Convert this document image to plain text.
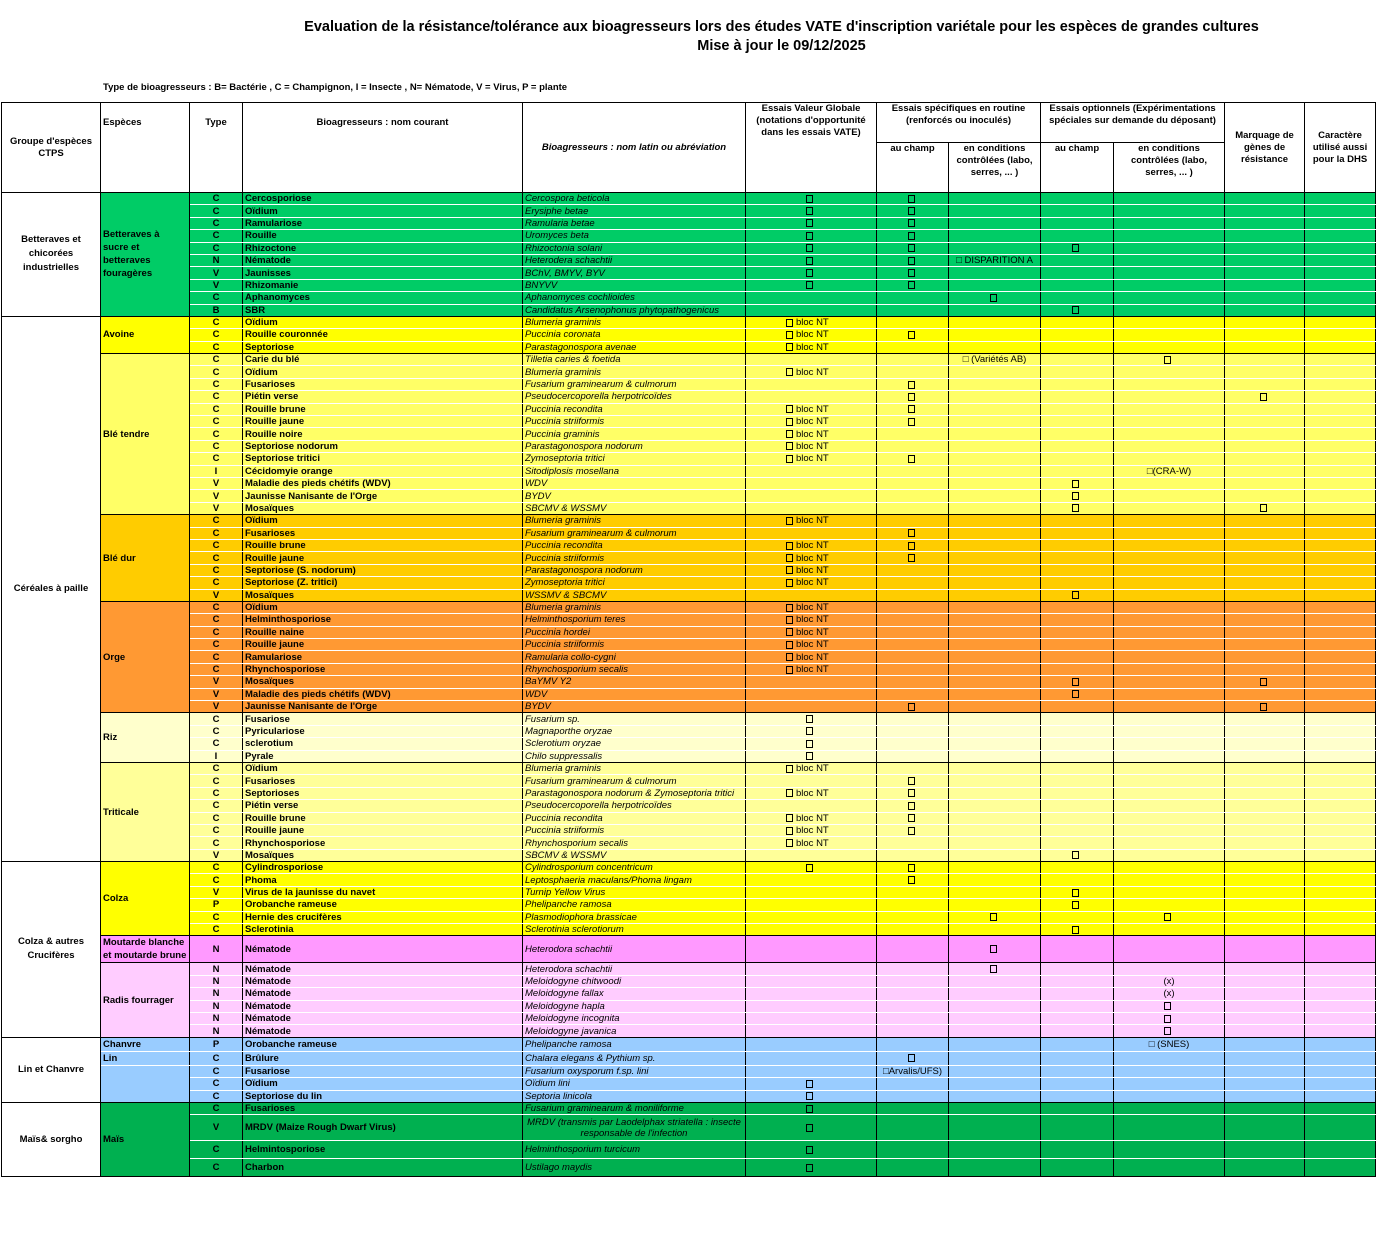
Evaluation de la résistance/tolérance aux bioagresseurs lors des études VATE d'inscription variétale pour les espèces de grandes cultures
Mise à jour le 09/12/2025
Type de bioagresseurs : B= Bactérie , C = Champignon, I = Insecte , N= Nématode, V = Virus, P = plante
Groupe d'espèces CTPS	Espèces	Type	Bioagresseurs : nom courant	Bioagresseurs : nom latin ou abréviation	Essais Valeur Globale (notations d'opportunité dans les essais VATE)	Essais spécifiques en routine (renforcés ou inoculés)		Essais optionnels (Expérimentations spéciales sur demande du déposant)		Marquage de gènes de résistance	Caractère utilisé aussi pour la DHS
						au champ	en conditions contrôlées (labo, serres, ... )	au champ	en conditions contrôlées (labo, serres, ... )		
Betteraves et chicorées industrielles	Betteraves à sucre et betteraves fouragères	C	Cercosporiose	Cercospora beticola							
		C	Oïdium	Erysiphe betae							
		C	Ramulariose	Ramularia betae							
		C	Rouille	Uromyces beta							
		C	Rhizoctone	Rhizoctonia solani							
		N	Nématode	Heterodera schachtii			□ DISPARITION A				
		V	Jaunisses	BChV, BMYV, BYV							
		V	Rhizomanie	BNYVV							
		C	Aphanomyces	Aphanomyces cochlioides							
		B	SBR	Candidatus Arsenophonus phytopathogenicus							
Céréales à paille	Avoine	C	Oïdium	Blumeria graminis	bloc NT						
		C	Rouille couronnée	Puccinia coronata	bloc NT						
		C	Septoriose	Parastagonospora avenae	bloc NT						
	Blé tendre	C	Carie du blé	Tilletia caries & foetida			□ (Variétés AB)				
		C	Oïdium	Blumeria graminis	bloc NT						
		C	Fusarioses	Fusarium graminearum & culmorum							
		C	Piétin verse	Pseudocercoporella herpotricoïdes							
		C	Rouille brune	Puccinia recondita	bloc NT						
		C	Rouille jaune	Puccinia striiformis	bloc NT						
		C	Rouille noire	Puccinia graminis	bloc NT						
		C	Septoriose nodorum	Parastagonospora nodorum	bloc NT						
		C	Septoriose tritici	Zymoseptoria tritici	bloc NT						
		I	Cécidomyie orange	Sitodiplosis mosellana					□(CRA-W)		
		V	Maladie des pieds chétifs (WDV)	WDV							
		V	Jaunisse Nanisante de l'Orge	BYDV							
		V	Mosaïques	SBCMV & WSSMV							
	Blé dur	C	Oïdium	Blumeria graminis	bloc NT						
		C	Fusarioses	Fusarium graminearum & culmorum							
		C	Rouille brune	Puccinia recondita	bloc NT						
		C	Rouille jaune	Puccinia striiformis	bloc NT						
		C	Septoriose (S. nodorum)	Parastagonospora nodorum	bloc NT						
		C	Septoriose (Z. tritici)	Zymoseptoria tritici	bloc NT						
		V	Mosaïques	WSSMV & SBCMV							
	Orge	C	Oïdium	Blumeria graminis	bloc NT						
		C	Helminthosporiose	Helminthosporium teres	bloc NT						
		C	Rouille naine	Puccinia hordei	bloc NT						
		C	Rouille jaune	Puccinia striiformis	bloc NT						
		C	Ramulariose	Ramularia collo-cygni	bloc NT						
		C	Rhynchosporiose	Rhynchosporium secalis	bloc NT						
		V	Mosaïques	BaYMV Y2							
		V	Maladie des pieds chétifs (WDV)	WDV							
		V	Jaunisse Nanisante de l'Orge	BYDV							
	Riz	C	Fusariose	Fusarium sp.							
		C	Pyriculariose	Magnaporthe oryzae							
		C	sclerotium	Sclerotium oryzae							
		I	Pyrale	Chilo suppressalis							
	Triticale	C	Oïdium	Blumeria graminis	bloc NT						
		C	Fusarioses	Fusarium graminearum & culmorum							
		C	Septorioses	Parastagonospora nodorum & Zymoseptoria tritici	bloc NT						
		C	Piétin verse	Pseudocercoporella herpotricoïdes							
		C	Rouille brune	Puccinia recondita	bloc NT						
		C	Rouille jaune	Puccinia striiformis	bloc NT						
		C	Rhynchosporiose	Rhynchosporium secalis	bloc NT						
		V	Mosaïques	SBCMV & WSSMV							
Colza & autres Crucifères	Colza	C	Cylindrosporiose	Cylindrosporium concentricum							
		C	Phoma	Leptosphaeria maculans/Phoma lingam							
		V	Virus de la jaunisse du navet	Turnip Yellow Virus							
		P	Orobanche rameuse	Phelipanche ramosa							
		C	Hernie des crucifères	Plasmodiophora brassicae							
		C	Sclerotinia	Sclerotinia sclerotiorum							
	Moutarde blanche et moutarde brune	N	Nématode	Heterodora schachtii							
	Radis fourrager	N	Nématode	Heterodora schachtii							
		N	Nématode	Meloidogyne chitwoodi					(x)		
		N	Nématode	Meloidogyne fallax					(x)		
		N	Nématode	Meloidogyne hapla							
		N	Nématode	Meloidogyne incognita							
		N	Nématode	Meloidogyne javanica							
Lin et Chanvre	Chanvre	P	Orobanche rameuse	Phelipanche ramosa					□ (SNES)		
	Lin	C	Brûlure	Chalara elegans & Pythium sp.							
		C	Fusariose	Fusarium oxysporum f.sp. lini		□Arvalis/UFS)					
		C	Oïdium	Oïdium lini							
		C	Septoriose du lin	Septoria linicola							
Maïs& sorgho	Maïs	C	Fusarioses	Fusarium graminearum & moniliforme							
		V	MRDV (Maize Rough Dwarf Virus)	MRDV (transmis par Laodelphax striatella : insecte responsable de l'infection							
		C	Helmintosporiose	Helminthosporium turcicum							
		C	Charbon	Ustilago maydis							
